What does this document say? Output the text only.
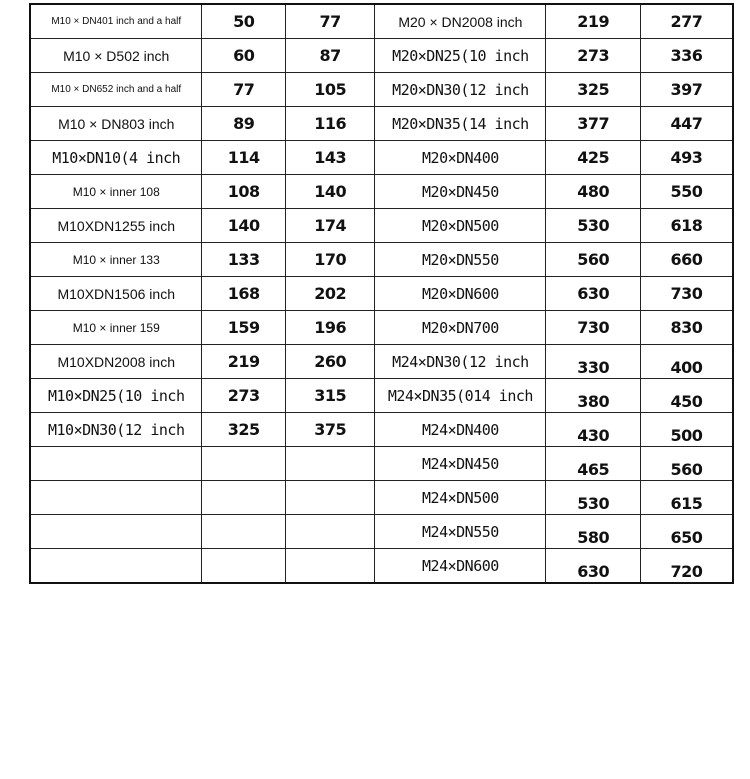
M10 × DN401 inch and a half	50	77	M20 × DN2008 inch	219	277
M10 × D502 inch	60	87	M20×DN25(10 inch	273	336
M10 × DN652 inch and a half	77	105	M20×DN30(12 inch	325	397
M10 × DN803 inch	89	116	M20×DN35(14 inch	377	447
M10×DN10(4 inch	114	143	M20×DN400	425	493
M10 × inner 108	108	140	M20×DN450	480	550
M10XDN1255 inch	140	174	M20×DN500	530	618
M10 × inner 133	133	170	M20×DN550	560	660
M10XDN1506 inch	168	202	M20×DN600	630	730
M10 × inner 159	159	196	M20×DN700	730	830
M10XDN2008 inch	219	260	M24×DN30(12 inch	330	400
M10×DN25(10 inch	273	315	M24×DN35(014 inch	380	450
M10×DN30(12 inch	325	375	M24×DN400	430	500
			M24×DN450	465	560
			M24×DN500	530	615
			M24×DN550	580	650
			M24×DN600	630	720
